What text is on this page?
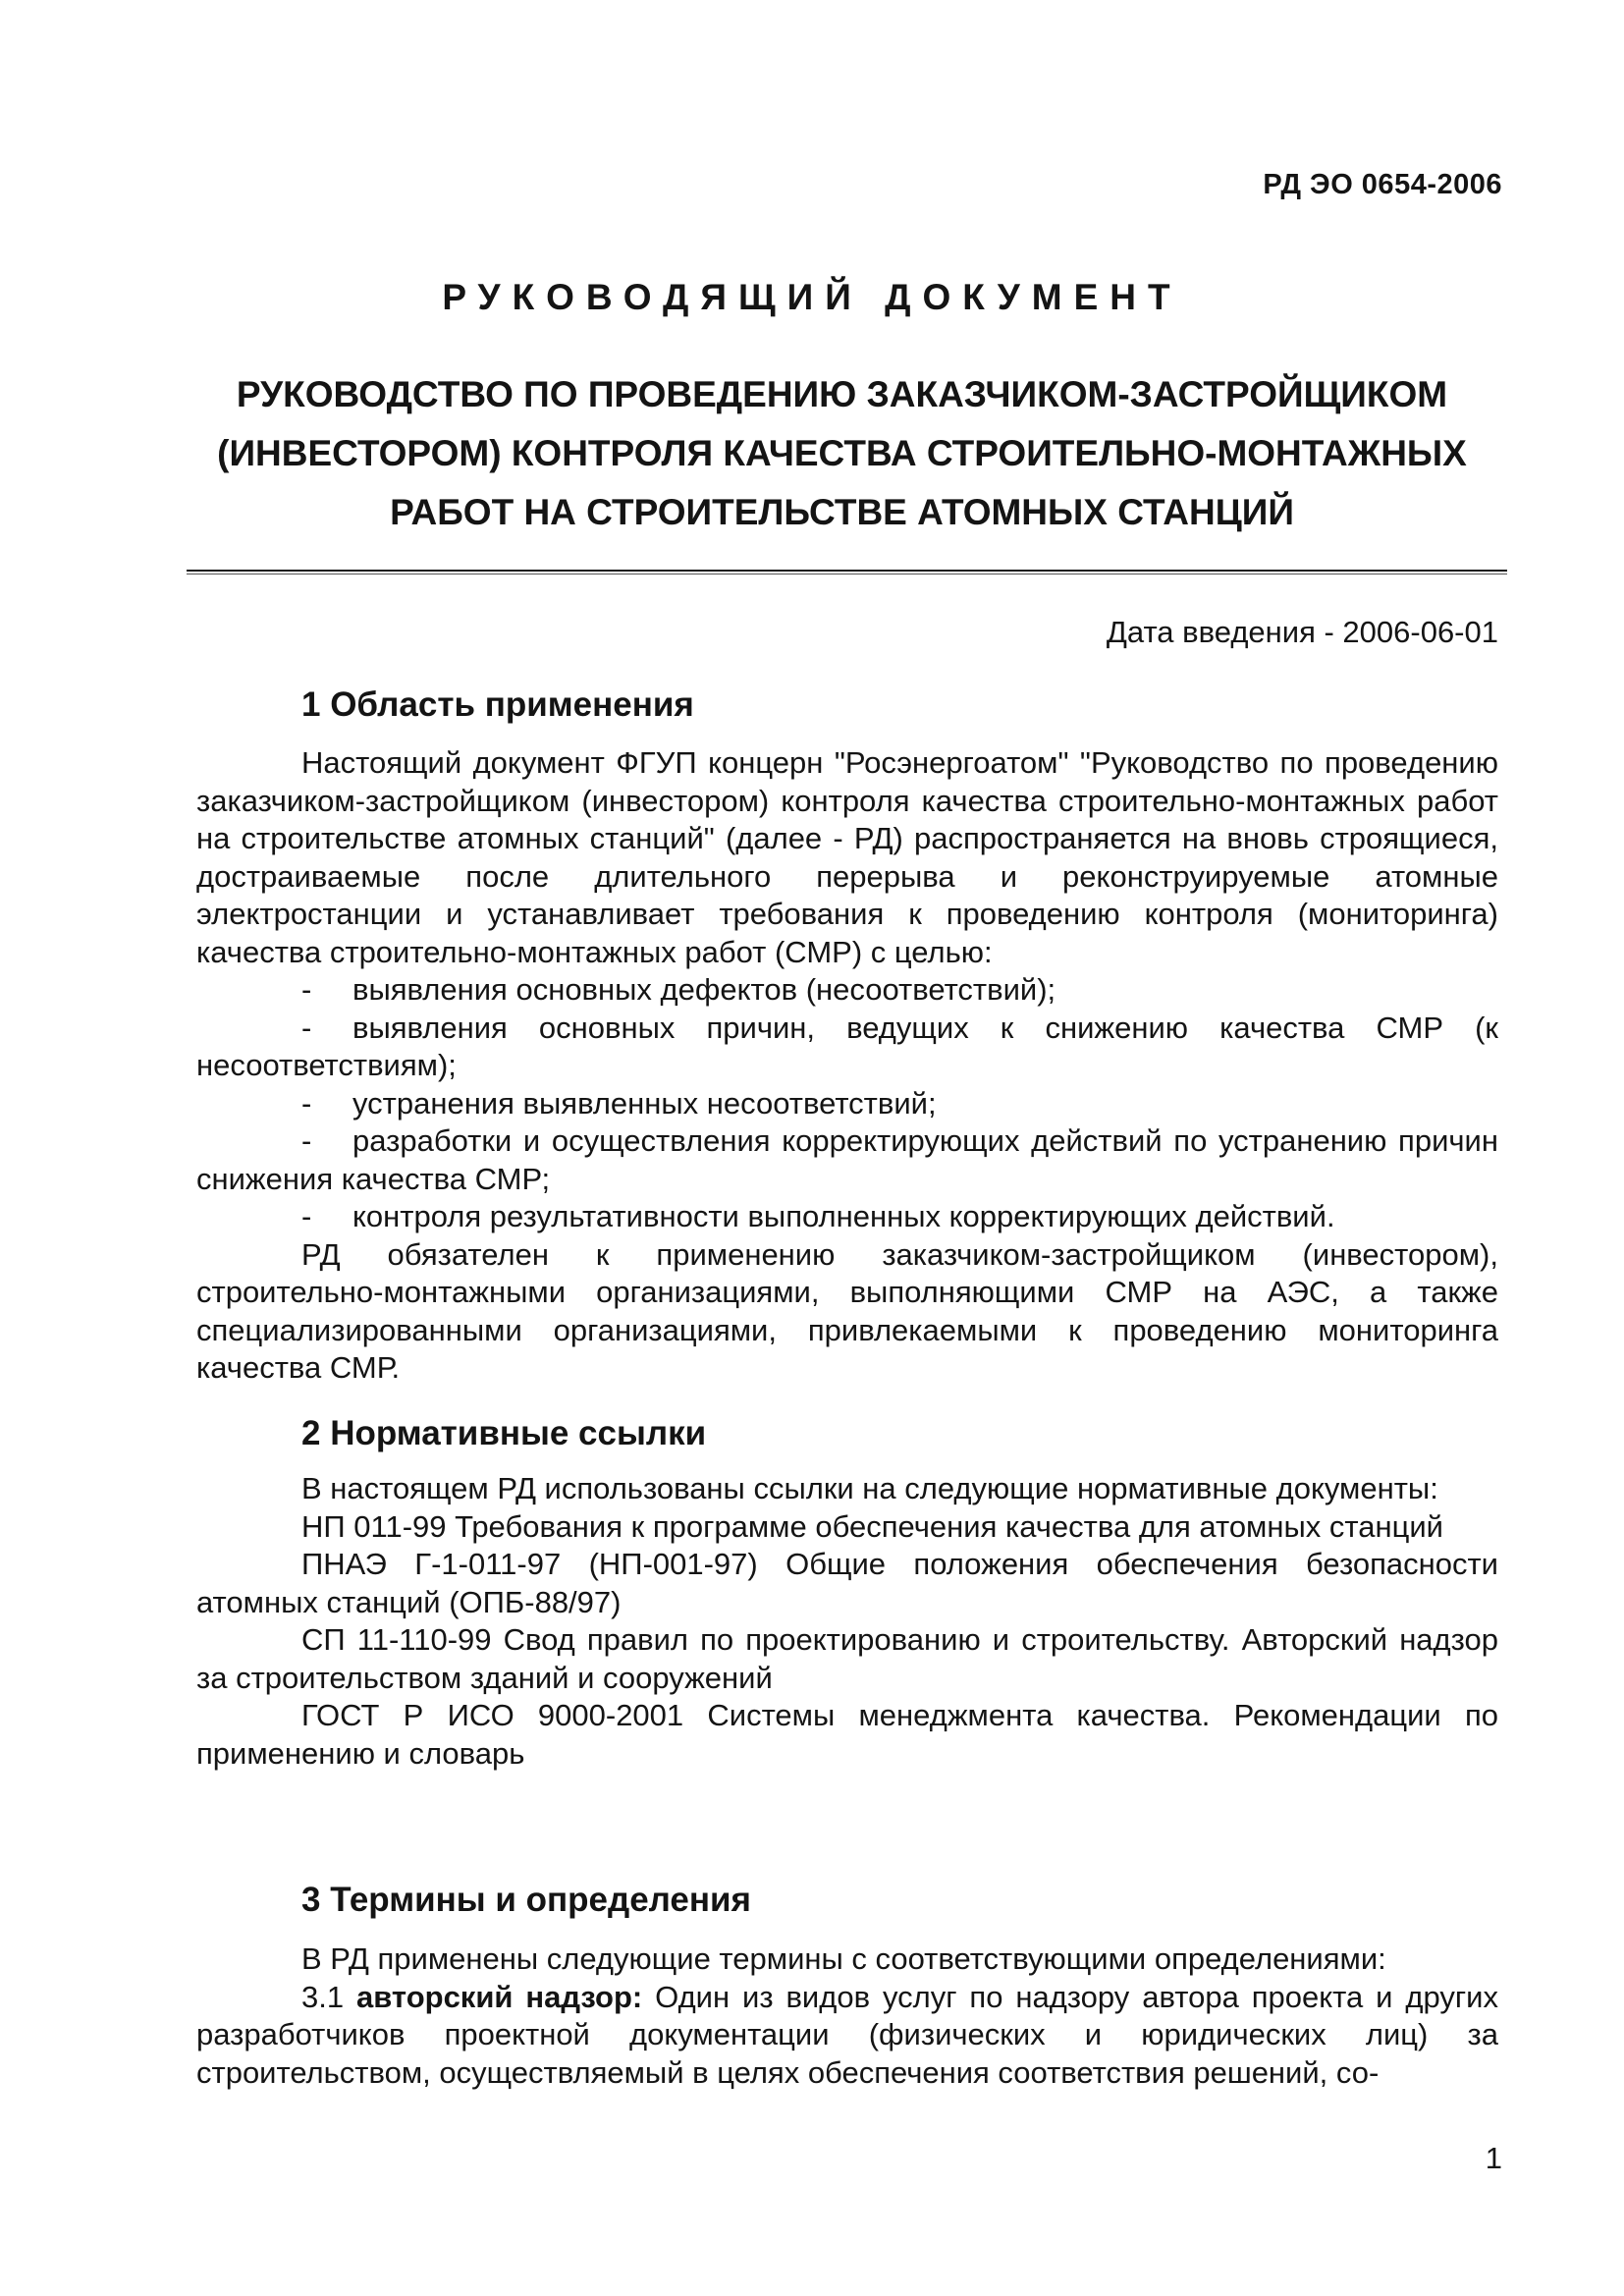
РД ЭО 0654-2006
РУКОВОДЯЩИЙ ДОКУМЕНТ
РУКОВОДСТВО ПО ПРОВЕДЕНИЮ ЗАКАЗЧИКОМ-ЗАСТРОЙЩИКОМ
(ИНВЕСТОРОМ) КОНТРОЛЯ КАЧЕСТВА СТРОИТЕЛЬНО-МОНТАЖНЫХ
РАБОТ НА СТРОИТЕЛЬСТВЕ АТОМНЫХ СТАНЦИЙ
Дата введения - 2006-06-01
1 Область применения

Настоящий документ ФГУП концерн "Росэнергоатом" "Руководство по проведению заказчиком-застройщиком (инвестором) контроля качества строительно-монтажных работ на строительстве атомных станций" (далее - РД) распространяется на вновь строящиеся, достраиваемые после длительного перерыва и реконструируемые атомные электростанции и устанавливает требования к проведению контроля (мониторинга) качества строительно-монтажных работ (СМР) с целью:

- выявления основных дефектов (несоответствий);

- выявления основных причин, ведущих к снижению качества СМР (к несоответствиям);

- устранения выявленных несоответствий;

- разработки и осуществления корректирующих действий по устранению причин снижения качества СМР;

- контроля результативности выполненных корректирующих действий.

РД обязателен к применению заказчиком-застройщиком (инвестором), строительно-монтажными организациями, выполняющими СМР на АЭС, а также специализированными организациями, привлекаемыми к проведению мониторинга качества СМР.

2 Нормативные ссылки

В настоящем РД использованы ссылки на следующие нормативные документы:

НП 011-99 Требования к программе обеспечения качества для атомных станций

ПНАЭ Г-1-011-97 (НП-001-97) Общие положения обеспечения безопасности атомных станций (ОПБ-88/97)

СП 11-110-99 Свод правил по проектированию и строительству. Авторский надзор за строительством зданий и сооружений

ГОСТ Р ИСО 9000-2001 Системы менеджмента качества. Рекомендации по применению и словарь

3 Термины и определения

В РД применены следующие термины с соответствующими определениями:

3.1 авторский надзор: Один из видов услуг по надзору автора проекта и других разработчиков проектной документации (физических и юридических лиц) за строительством, осуществляемый в целях обеспечения соответствия решений, со-

1
